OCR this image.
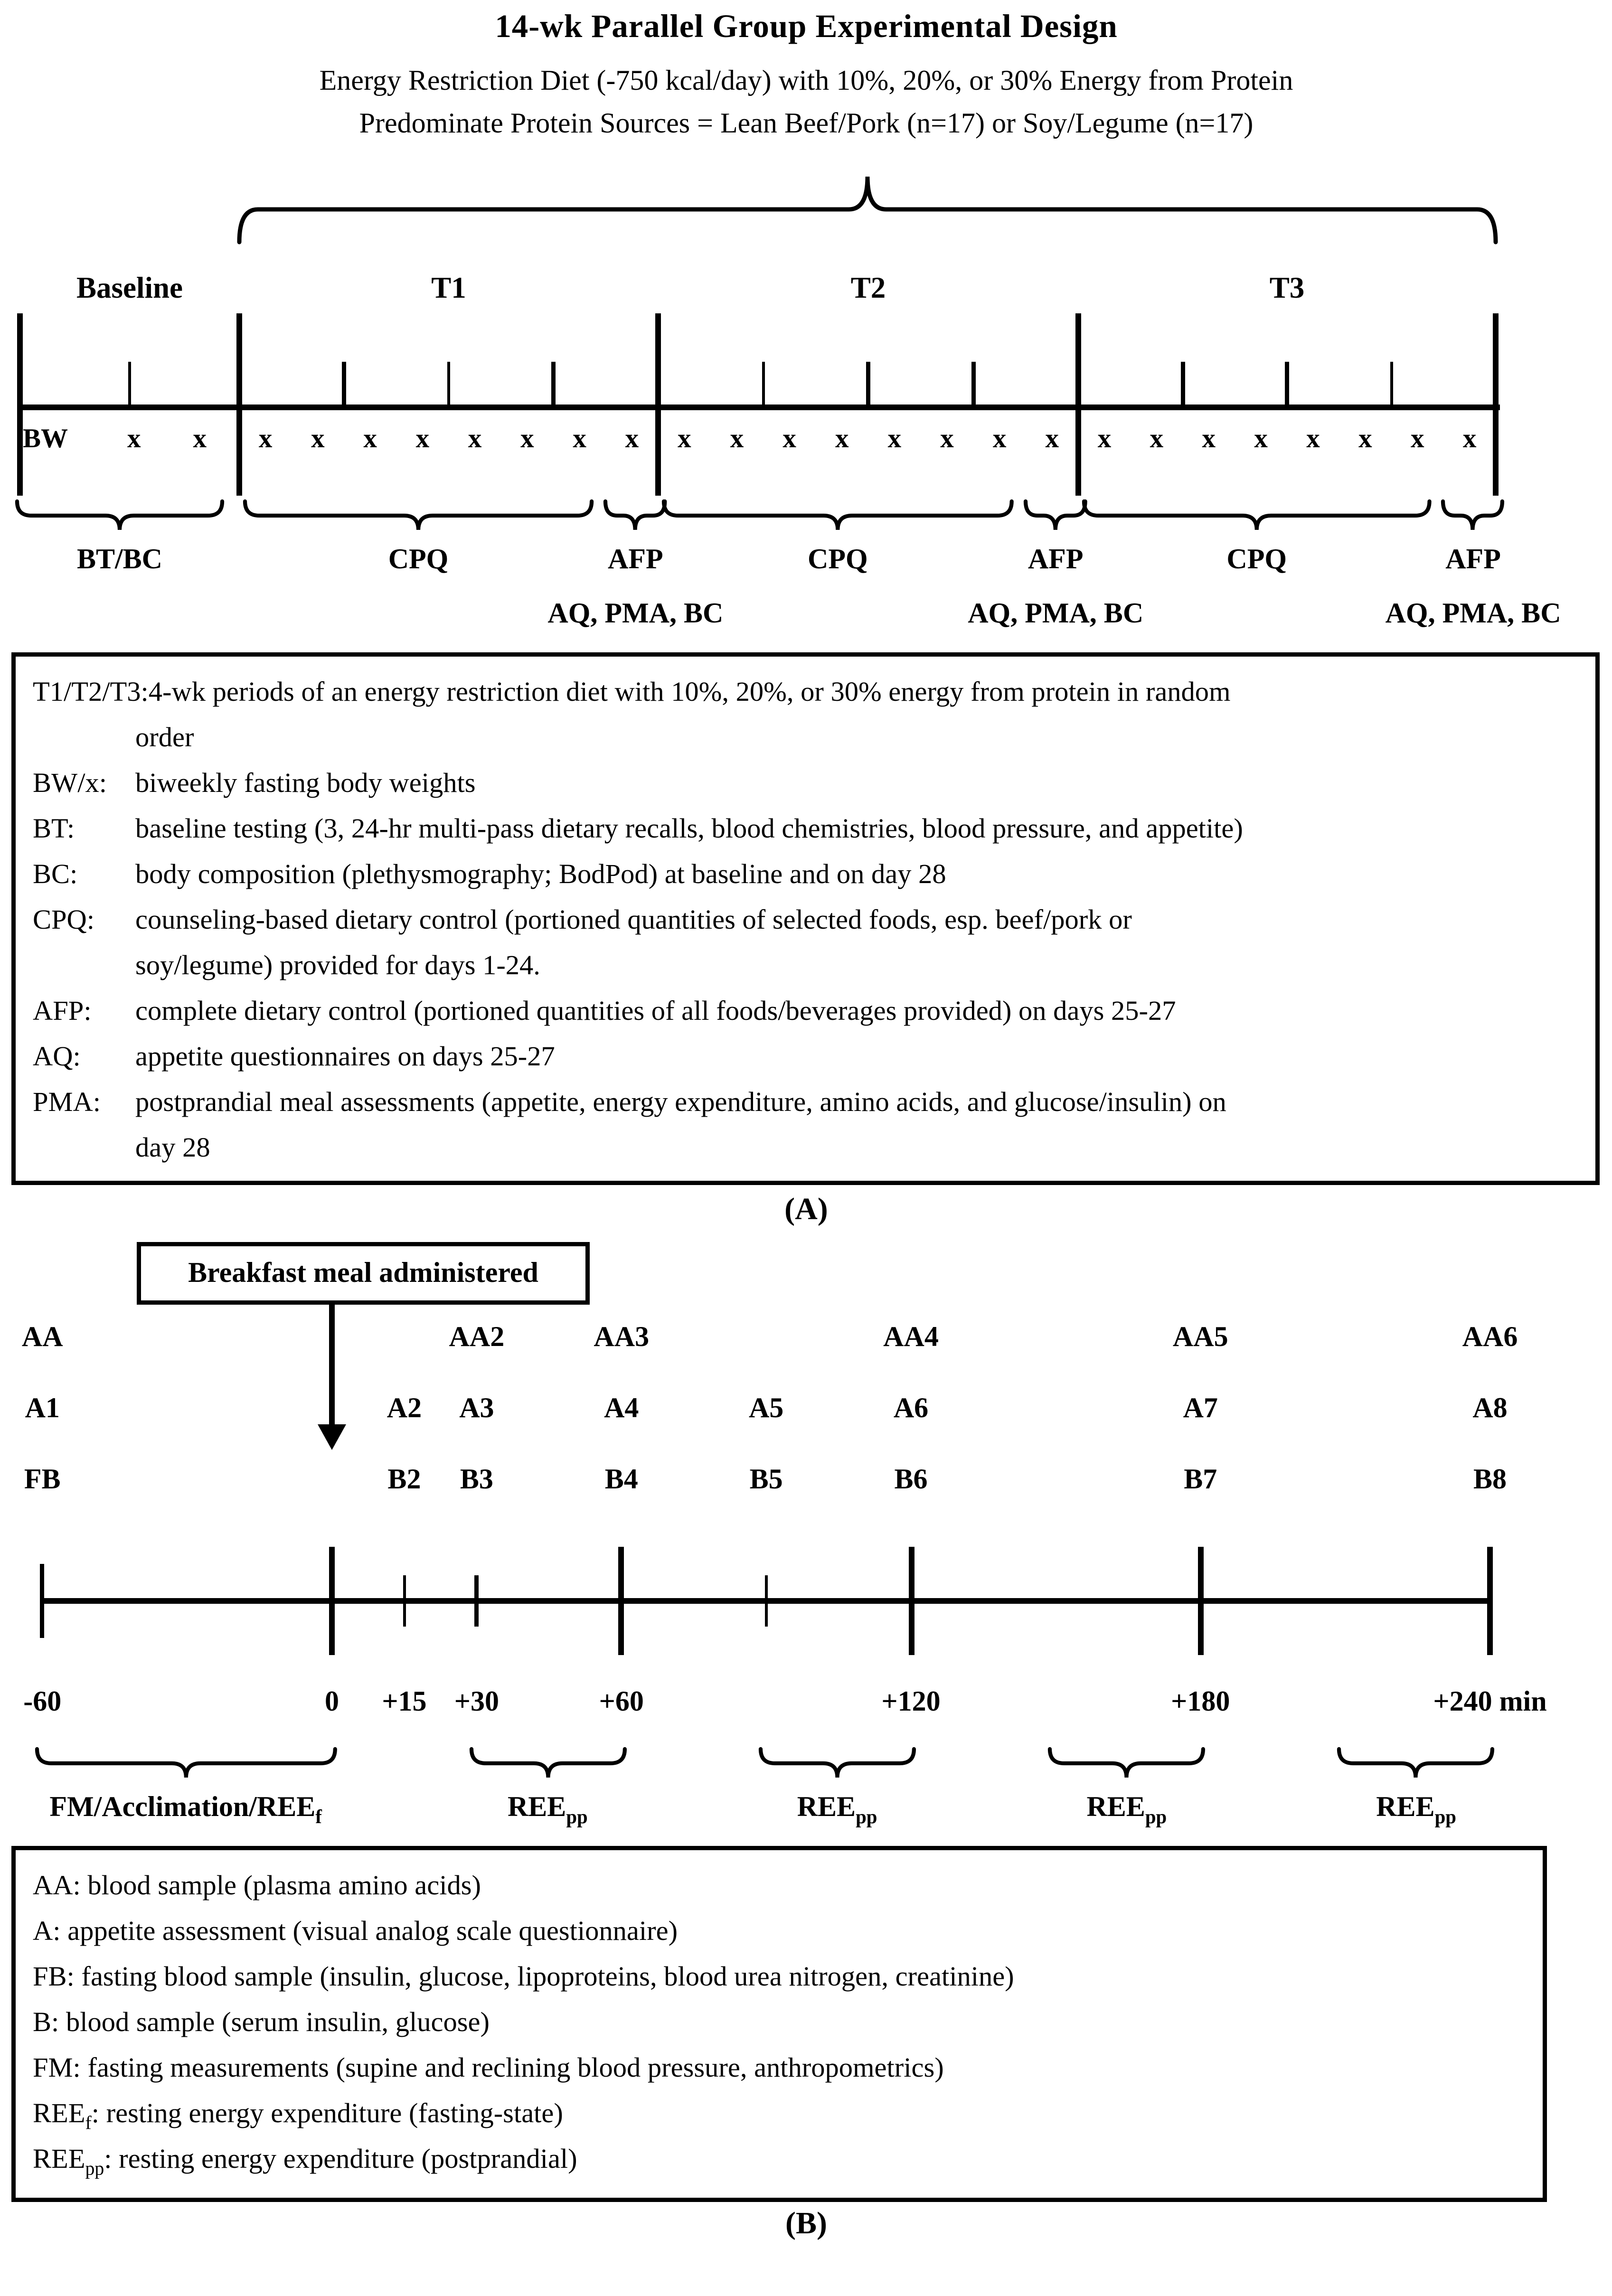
14-wk Parallel Group Experimental Design
Energy Restriction Diet (-750 kcal/day) with 10%, 20%, or 30% Energy from Protein
Predominate Protein Sources = Lean Beef/Pork (n=17) or Soy/Legume (n=17)
Baseline
x	x
BT/BC
T1
x	x	x	x	x	x	x	x
CPQ	AFP
AQ, PMA, BC
T2
x	x	x	x	x	x	x	x
CPQ	AFP
AQ, PMA, BC
T3
x	x	x	x	x	x	x	x
CPQ	AFP
AQ, PMA, BC
BW
T1/T2/T3:4-wk periods of an energy restriction diet with 10%, 20%, or 30% energy from protein in random
order
BW/x:	biweekly fasting body weights
BT:	baseline testing (3, 24-hr multi-pass dietary recalls, blood chemistries, blood pressure, and appetite)
BC:	body composition (plethysmography; BodPod) at baseline and on day 28
CPQ:	counseling-based dietary control (portioned quantities of selected foods, esp. beef/pork or
soy/legume) provided for days 1-24.
AFP:	complete dietary control (portioned quantities of all foods/beverages provided) on days 25-27
AQ:	appetite questionnaires on days 25-27
PMA:	postprandial meal assessments (appetite, energy expenditure, amino acids, and glucose/insulin) on
day 28
(A)
Breakfast meal administered
AA	AA2	AA3	AA4	AA5	AA6
A1	A2	A3	A4	A5	A6	A7	A8
FB	B2	B3	B4	B5	B6	B7	B8
-60	0	+15	+30	+60	+120	+180	+240 min
$FM/Acclimation/REE_f$	$REE_{pp}$	$REE_{pp}$	$REE_{pp}$	$REE_{pp}$
AA: blood sample (plasma amino acids)
A: appetite assessment (visual analog scale questionnaire)
FB: fasting blood sample (insulin, glucose, lipoproteins, blood urea nitrogen, creatinine)
B: blood sample (serum insulin, glucose)
FM: fasting measurements (supine and reclining blood pressure, anthropometrics)
$REE_f$: resting energy expenditure (fasting-state)
$REE_{pp}$: resting energy expenditure (postprandial)
(B)
